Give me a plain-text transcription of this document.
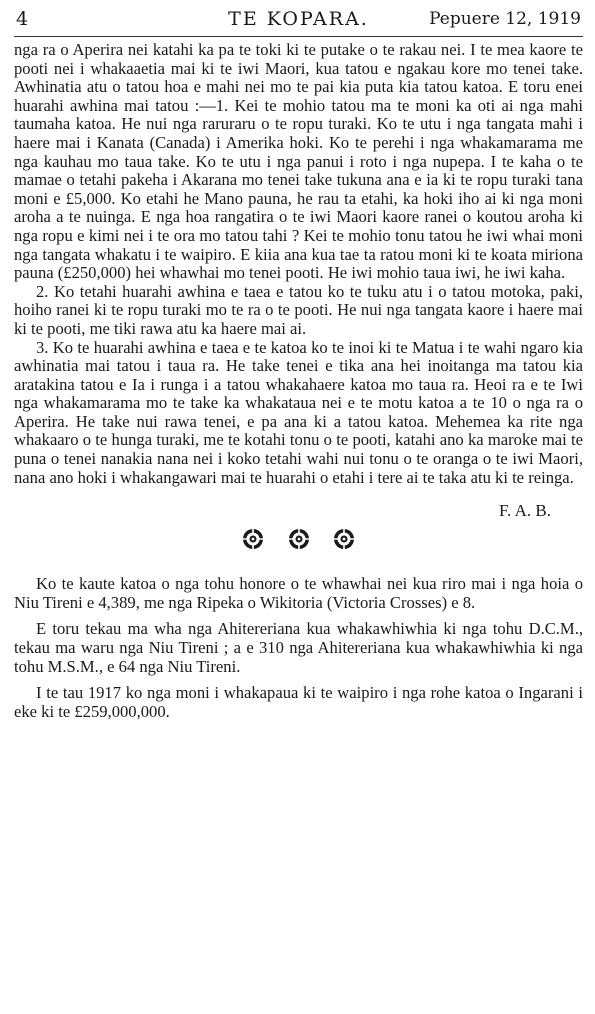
4	TE KOPARA.	Pepuere 12, 1919

nga ra o Aperira nei katahi ka pa te toki ki te putake o te rakau nei. I te mea kaore te pooti nei i whakaaetia mai ki te iwi Maori, kua tatou e ngakau kore mo tenei take. Awhinatia atu o tatou hoa e mahi nei mo te pai kia puta kia tatou katoa. E toru enei huarahi awhina mai tatou :—1. Kei te mohio tatou ma te moni ka oti ai nga mahi taumaha katoa. He nui nga raruraru o te ropu turaki. Ko te utu i nga tangata mahi i haere mai i Kanata (Canada) i Amerika hoki. Ko te perehi i nga whakamarama me nga kauhau mo taua take. Ko te utu i nga panui i roto i nga nupepa. I te kaha o te mamae o tetahi pakeha i Akarana mo tenei take tukuna ana e ia ki te ropu turaki tana moni e £5,000. Ko etahi he Mano pauna, he rau ta etahi, ka hoki iho ai ki nga moni aroha a te nuinga. E nga hoa rangatira o te iwi Maori kaore ranei o koutou aroha ki nga ropu e kimi nei i te ora mo tatou tahi ? Kei te mohio tonu tatou he iwi whai moni nga tangata whakatu i te waipiro. E kiia ana kua tae ta ratou moni ki te koata miriona pauna (£250,000) hei whawhai mo tenei pooti. He iwi mohio taua iwi, he iwi kaha.

2. Ko tetahi huarahi awhina e taea e tatou ko te tuku atu i o tatou motoka, paki, hoiho ranei ki te ropu turaki mo te ra o te pooti. He nui nga tangata kaore i haere mai ki te pooti, me tiki rawa atu ka haere mai ai.

3. Ko te huarahi awhina e taea e te katoa ko te inoi ki te Matua i te wahi ngaro kia awhinatia mai tatou i taua ra. He take tenei e tika ana hei inoitanga ma tatou kia aratakina tatou e Ia i runga i a tatou whakahaere katoa mo taua ra. Heoi ra e te Iwi nga whakamarama mo te take ka whakataua nei e te motu katoa a te 10 o nga ra o Aperira. He take nui rawa tenei, e pa ana ki a tatou katoa. Mehemea ka rite nga whakaaro o te hunga turaki, me te kotahi tonu o te pooti, katahi ano ka maroke mai te puna o tenei nanakia nana nei i koko tetahi wahi nui tonu o te oranga o te iwi Maori, nana ano hoki i whakangawari mai te huarahi o etahi i tere ai te taka atu ki te reinga.

F. A. B.

Ko te kaute katoa o nga tohu honore o te whawhai nei kua riro mai i nga hoia o Niu Tireni e 4,389, me nga Ripeka o Wikitoria (Victoria Crosses) e 8.

E toru tekau ma wha nga Ahitereriana kua whakawhiwhia ki nga tohu D.C.M., tekau ma waru nga Niu Tireni ; a e 310 nga Ahitereriana kua whakawhiwhia ki nga tohu M.S.M., e 64 nga Niu Tireni.

I te tau 1917 ko nga moni i whakapaua ki te waipiro i nga rohe katoa o Ingarani i eke ki te £259,000,000.
